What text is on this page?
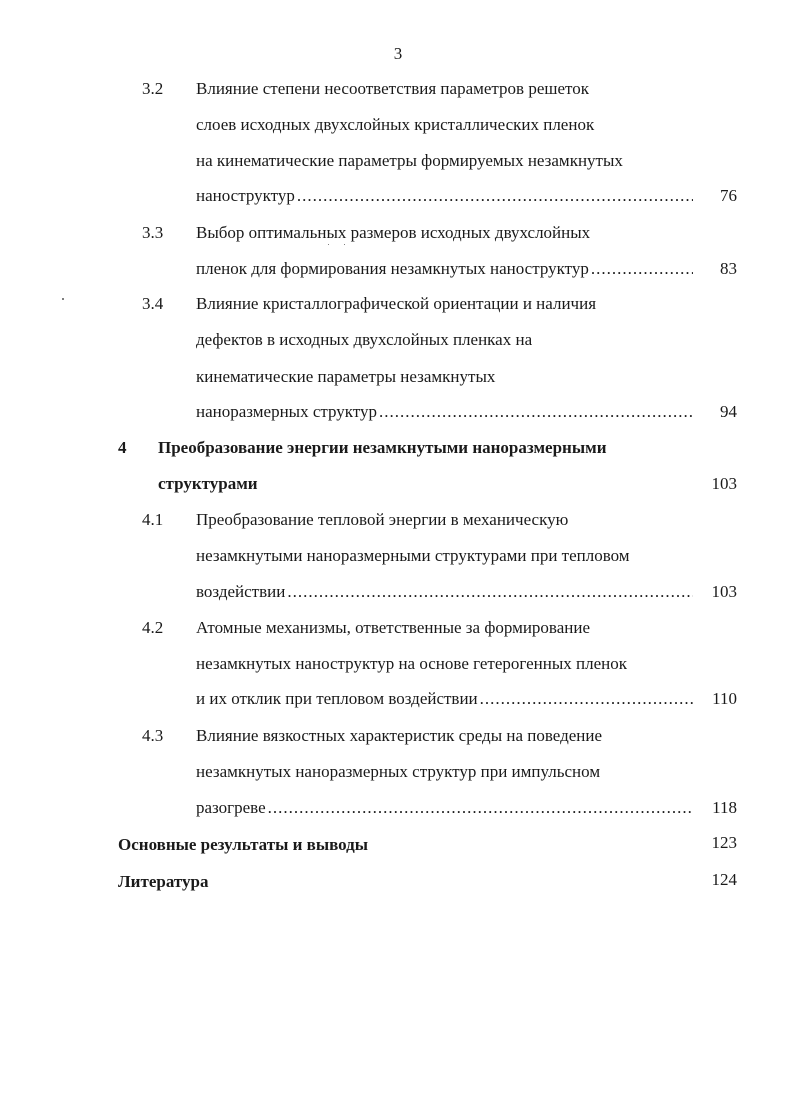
3
3.2 Влияние степени несоответствия параметров решеток
слоев исходных двухслойных кристаллических пленок
на кинематические параметры формируемых незамкнутых
наноструктур .....	76
3.3 Выбор оптимальных размеров исходных двухслойных
пленок для формирования незамкнутых наноструктур .....	83
3.4 Влияние кристаллографической ориентации и наличия
дефектов в исходных двухслойных пленках на
кинематические параметры незамкнутых
наноразмерных структур .....	94
4 Преобразование энергии незамкнутыми наноразмерными
структурами	103
4.1 Преобразование тепловой энергии в механическую
незамкнутыми наноразмерными структурами при тепловом
воздействии .....	103
4.2 Атомные механизмы, ответственные за формирование
незамкнутых наноструктур на основе гетерогенных пленок
и их отклик при тепловом воздействии .....	110
4.3 Влияние вязкостных характеристик среды на поведение
незамкнутых наноразмерных структур при импульсном
разогреве .....	118
Основные результаты и выводы	123
Литература	124
